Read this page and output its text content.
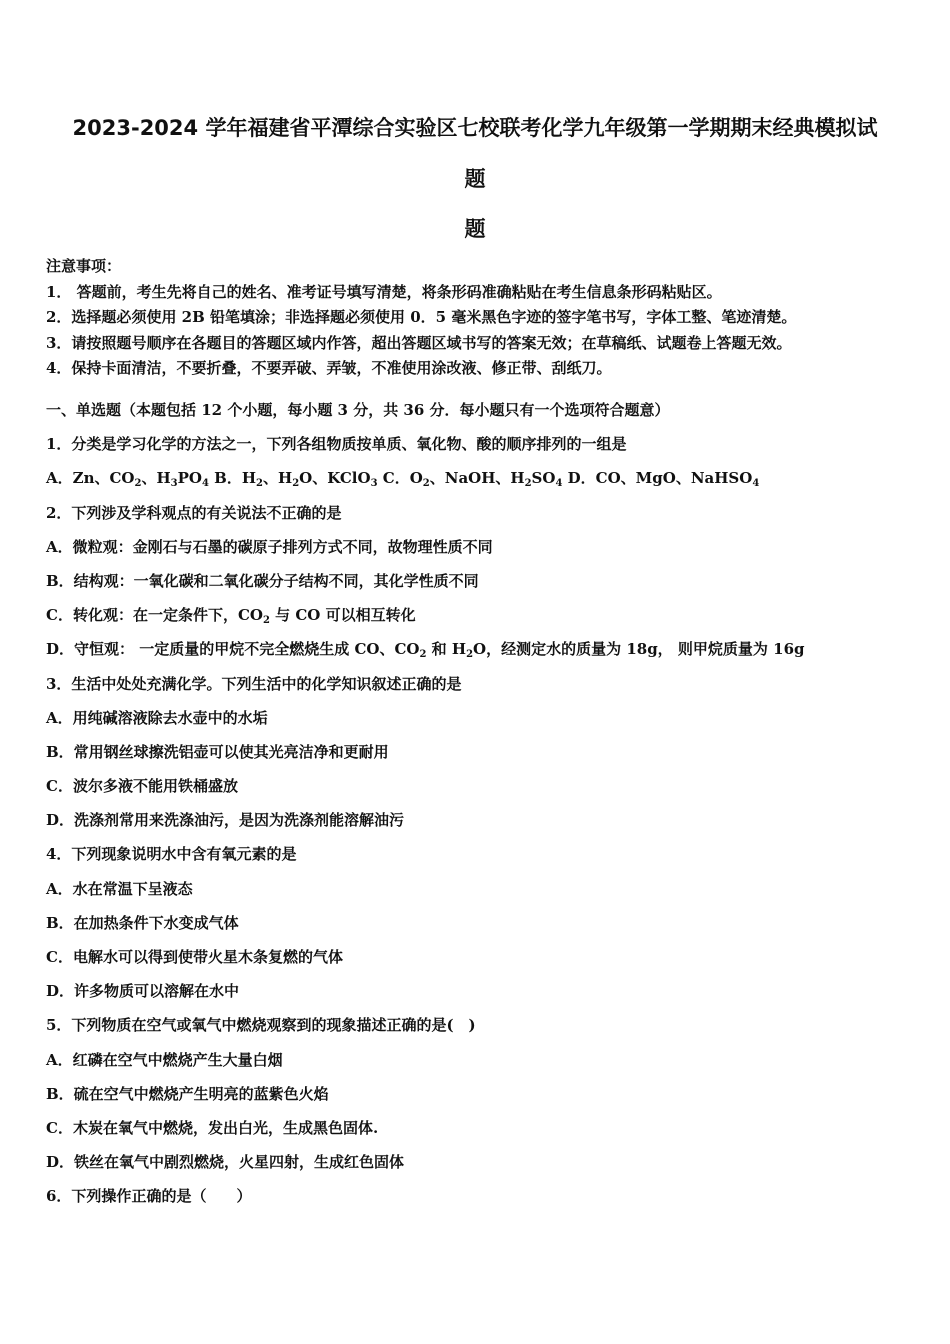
2023-2024 学年福建省平潭综合实验区七校联考化学九年级第一学期期末经典模拟试
题
题
注意事项：
1． 答题前，考生先将自己的姓名、准考证号填写清楚，将条形码准确粘贴在考生信息条形码粘贴区。
2．选择题必须使用 2B 铅笔填涂；非选择题必须使用 0．5 毫米黑色字迹的签字笔书写，字体工整、笔迹清楚。
3．请按照题号顺序在各题目的答题区域内作答，超出答题区域书写的答案无效；在草稿纸、试题卷上答题无效。
4．保持卡面清洁，不要折叠，不要弄破、弄皱，不准使用涂改液、修正带、刮纸刀。
一、单选题（本题包括 12 个小题，每小题 3 分，共 36 分．每小题只有一个选项符合题意）
1．分类是学习化学的方法之一，下列各组物质按单质、氧化物、酸的顺序排列的一组是
A．Zn、$CO_2$、$H_3PO_4$ B．$H_2$、$H_2O$、KClO$_3$ C．$O_2$、NaOH、$H_2SO_4$ D．CO、MgO、NaHSO$_4$
2．下列涉及学科观点的有关说法不正确的是
A．微粒观：金刚石与石墨的碳原子排列方式不同，故物理性质不同
B．结构观：一氧化碳和二氧化碳分子结构不同，其化学性质不同
C．转化观：在一定条件下，$CO_2$ 与 CO 可以相互转化
D．守恒观： 一定质量的甲烷不完全燃烧生成 CO、$CO_2$ 和 $H_2O$，经测定水的质量为 18g， 则甲烷质量为 16g
3．生活中处处充满化学。下列生活中的化学知识叙述正确的是
A．用纯碱溶液除去水壶中的水垢
B．常用钢丝球擦洗铝壶可以使其光亮洁净和更耐用
C．波尔多液不能用铁桶盛放
D．洗涤剂常用来洗涤油污，是因为洗涤剂能溶解油污
4．下列现象说明水中含有氧元素的是
A．水在常温下呈液态
B．在加热条件下水变成气体
C．电解水可以得到使带火星木条复燃的气体
D．许多物质可以溶解在水中
5．下列物质在空气或氧气中燃烧观察到的现象描述正确的是(　)
A．红磷在空气中燃烧产生大量白烟
B．硫在空气中燃烧产生明亮的蓝紫色火焰
C．木炭在氧气中燃烧，发出白光，生成黑色固体.
D．铁丝在氧气中剧烈燃烧，火星四射，生成红色固体
6．下列操作正确的是（　　）
